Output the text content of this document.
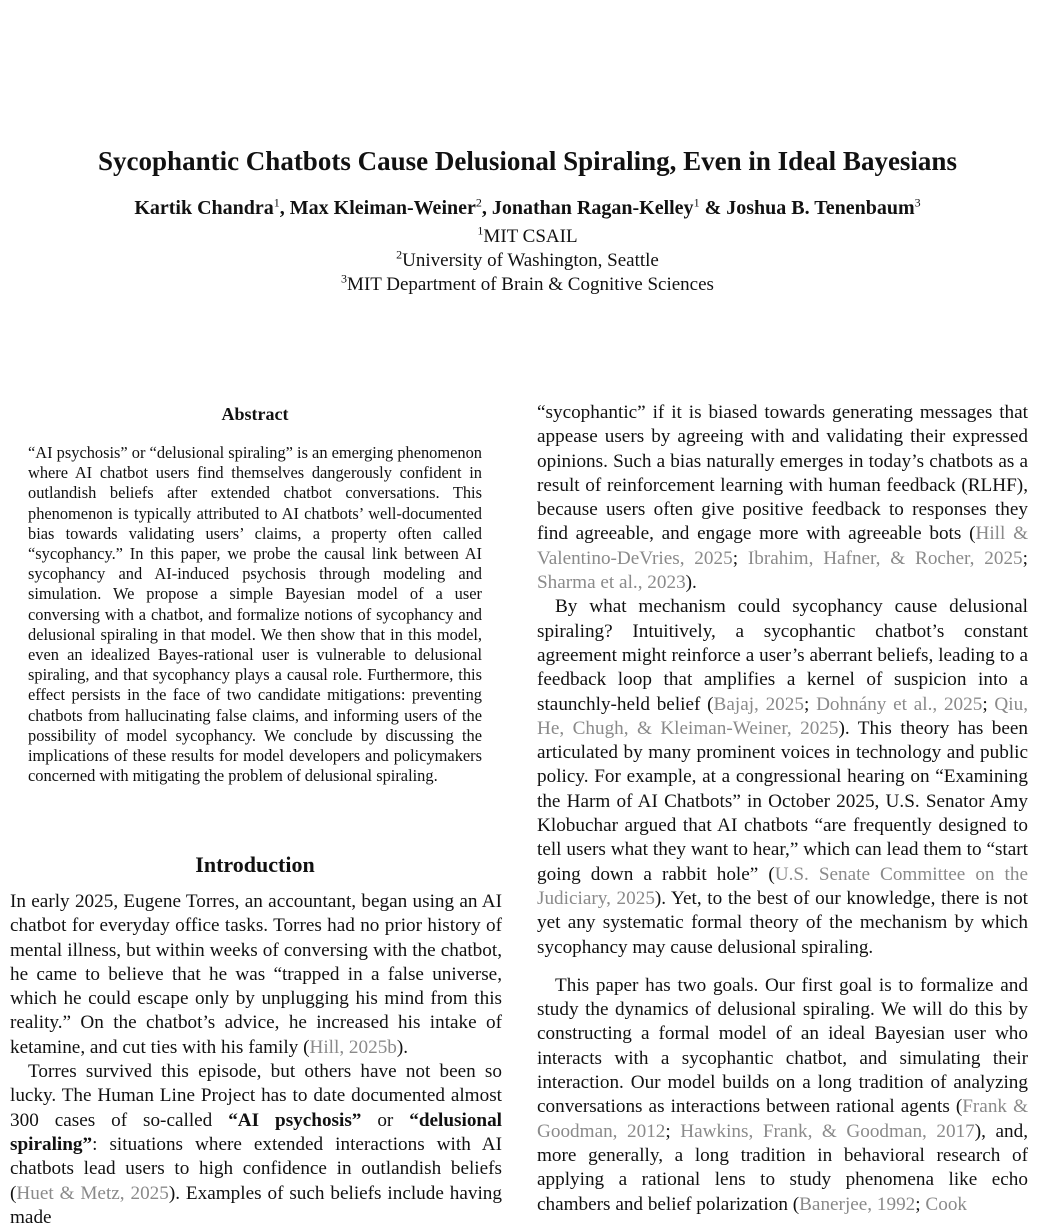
Sycophantic Chatbots Cause Delusional Spiraling, Even in Ideal Bayesians
Kartik Chandra$^1$, Max Kleiman-Weiner$^2$, Jonathan Ragan-Kelley$^1$ & Joshua B. Tenenbaum$^3$
$^1$MIT CSAIL
$^2$University of Washington, Seattle
$^3$MIT Department of Brain & Cognitive Sciences
Abstract
“AI psychosis” or “delusional spiraling” is an emerging phenomenon where AI chatbot users find themselves dangerously confident in outlandish beliefs after extended chatbot conversations. This phenomenon is typically attributed to AI chatbots’ well-documented bias towards validating users’ claims, a property often called “sycophancy.” In this paper, we probe the causal link between AI sycophancy and AI-induced psychosis through modeling and simulation. We propose a simple Bayesian model of a user conversing with a chatbot, and formalize notions of sycophancy and delusional spiraling in that model. We then show that in this model, even an idealized Bayes-rational user is vulnerable to delusional spiraling, and that sycophancy plays a causal role. Furthermore, this effect persists in the face of two candidate mitigations: preventing chatbots from hallucinating false claims, and informing users of the possibility of model sycophancy. We conclude by discussing the implications of these results for model developers and policymakers concerned with mitigating the problem of delusional spiraling.
Introduction

In early 2025, Eugene Torres, an accountant, began using an AI chatbot for everyday office tasks. Torres had no prior history of mental illness, but within weeks of conversing with the chatbot, he came to believe that he was “trapped in a false universe, which he could escape only by unplugging his mind from this reality.” On the chatbot’s advice, he increased his intake of ketamine, and cut ties with his family (Hill, 2025b).

Torres survived this episode, but others have not been so lucky. The Human Line Project has to date documented almost 300 cases of so-called “AI psychosis” or “delusional spiraling”: situations where extended interactions with AI chatbots lead users to high confidence in outlandish beliefs (Huet & Metz, 2025). Examples of such beliefs include having made

“sycophantic” if it is biased towards generating messages that appease users by agreeing with and validating their expressed opinions. Such a bias naturally emerges in today’s chatbots as a result of reinforcement learning with human feedback (RLHF), because users often give positive feedback to responses they find agreeable, and engage more with agreeable bots (Hill & Valentino-DeVries, 2025; Ibrahim, Hafner, & Rocher, 2025; Sharma et al., 2023).

By what mechanism could sycophancy cause delusional spiraling? Intuitively, a sycophantic chatbot’s constant agreement might reinforce a user’s aberrant beliefs, leading to a feedback loop that amplifies a kernel of suspicion into a staunchly-held belief (Bajaj, 2025; Dohnány et al., 2025; Qiu, He, Chugh, & Kleiman-Weiner, 2025). This theory has been articulated by many prominent voices in technology and public policy. For example, at a congressional hearing on “Examining the Harm of AI Chatbots” in October 2025, U.S. Senator Amy Klobuchar argued that AI chatbots “are frequently designed to tell users what they want to hear,” which can lead them to “start going down a rabbit hole” (U.S. Senate Committee on the Judiciary, 2025). Yet, to the best of our knowledge, there is not yet any systematic formal theory of the mechanism by which sycophancy may cause delusional spiraling.

This paper has two goals. Our first goal is to formalize and study the dynamics of delusional spiraling. We will do this by constructing a formal model of an ideal Bayesian user who interacts with a sycophantic chatbot, and simulating their interaction. Our model builds on a long tradition of analyzing conversations as interactions between rational agents (Frank & Goodman, 2012; Hawkins, Frank, & Goodman, 2017), and, more generally, a long tradition in behavioral research of applying a rational lens to study phenomena like echo chambers and belief polarization (Banerjee, 1992; Cook
